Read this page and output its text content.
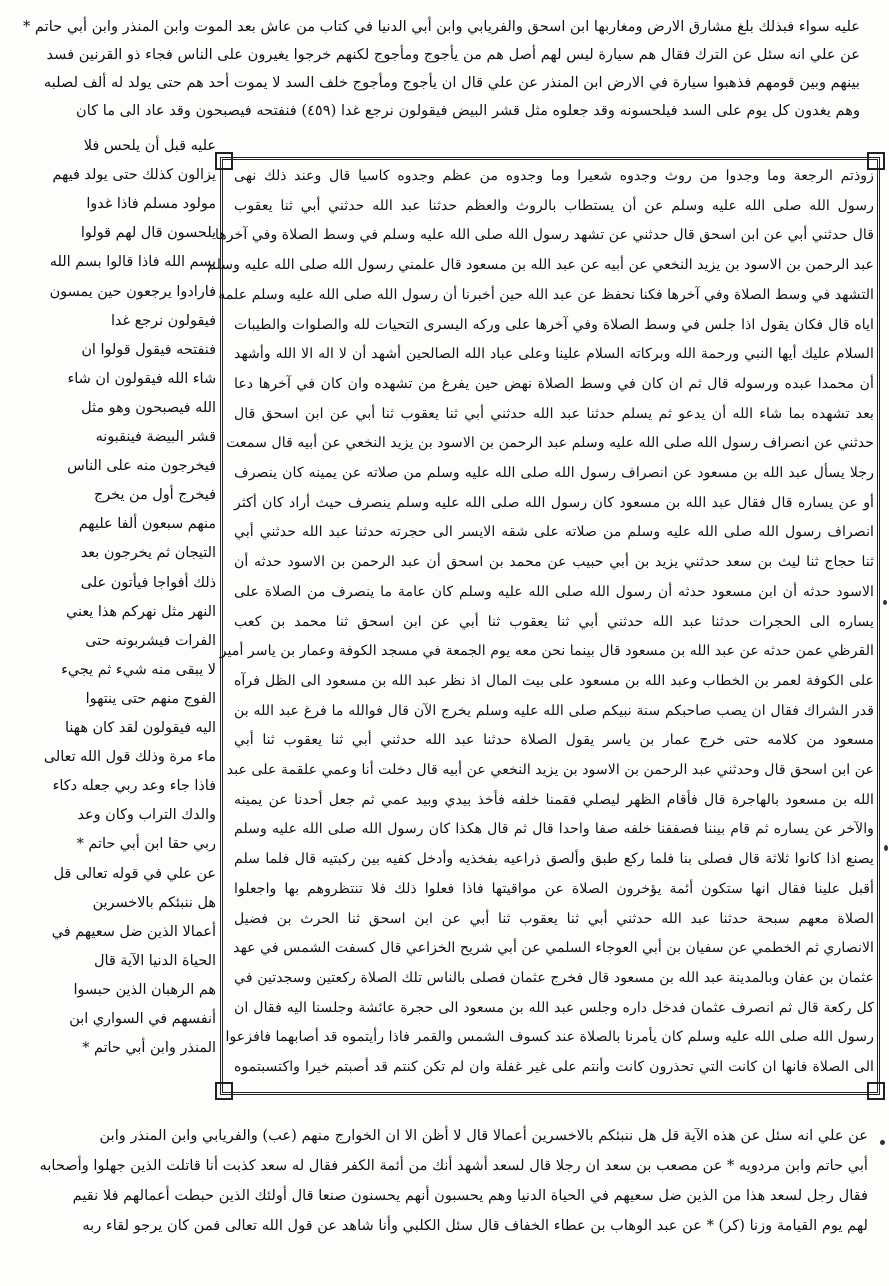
عليه سواء فبذلك بلغ مشارق الارض ومغاربها ابن اسحق والفريابي وابن أبي الدنيا في كتاب من عاش بعد الموت وابن المنذر وابن أبي حاتم *
عن علي انه سئل عن الترك فقال هم سيارة ليس لهم أصل هم من يأجوج ومأجوج لكنهم خرجوا يغيرون على الناس فجاء ذو القرنين فسد
بينهم وبين قومهم فذهبوا سيارة في الارض ابن المنذر عن علي قال ان يأجوج ومأجوج خلف السد لا يموت أحد هم حتى يولد له ألف لصلبه
وهم يغدون كل يوم على السد فيلحسونه وقد جعلوه مثل قشر البيض فيقولون نرجع غدا (٤٥٩) فنفتحه فيصبحون وقد عاد الى ما كان
عليه قبل أن يلحس فلا
يزالون كذلك حتى يولد فيهم
مولود مسلم فاذا غدوا
يلحسون قال لهم قولوا
بسم الله فاذا قالوا بسم الله
فارادوا يرجعون حين يمسون
فيقولون نرجع غدا
فنفتحه فيقول قولوا ان
شاء الله فيقولون ان شاء
الله فيصبحون وهو مثل
قشر البيضة فينقبونه
فيخرجون منه على الناس
فيخرج أول من يخرج
منهم سبعون ألفا عليهم
التيجان ثم يخرجون بعد
ذلك أفواجا فيأتون على
النهر مثل نهركم هذا يعني
الفرات فيشربونه حتى
لا يبقى منه شيء ثم يجيء
الفوج منهم حتى ينتهوا
اليه فيقولون لقد كان ههنا
ماء مرة وذلك قول الله تعالى
فاذا جاء وعد ربي جعله دكاء
والدك التراب وكان وعد
ربي حقا ابن أبي حاتم *
عن علي في قوله تعالى قل
هل ننبئكم بالاخسرين
أعمالا الذين ضل سعيهم في
الحياة الدنيا الآية قال
هم الرهبان الذين حبسوا
أنفسهم في السواري ابن
المنذر وابن أبي حاتم *
زوذتم الرجعة وما وجدوا من روث وجدوه شعيرا وما وجدوه من عظم وجدوه كاسيا قال وعند ذلك نهى
رسول الله صلى الله عليه وسلم عن أن يستطاب بالروث والعظم حدثنا عبد الله حدثني أبي ثنا يعقوب
قال حدثني أبي عن ابن اسحق قال حدثني عن تشهد رسول الله صلى الله عليه وسلم في وسط الصلاة وفي آخرها
عبد الرحمن بن الاسود بن يزيد النخعي عن أبيه عن عبد الله بن مسعود قال علمني رسول الله صلى الله عليه وسلم
التشهد في وسط الصلاة وفي آخرها فكنا نحفظ عن عبد الله حين أخبرنا أن رسول الله صلى الله عليه وسلم علمه
اياه قال فكان يقول اذا جلس في وسط الصلاة وفي آخرها على وركه اليسرى التحيات لله والصلوات والطيبات
السلام عليك أيها النبي ورحمة الله وبركاته السلام علينا وعلى عباد الله الصالحين أشهد أن لا اله الا الله وأشهد
أن محمدا عبده ورسوله قال ثم ان كان في وسط الصلاة نهض حين يفرغ من تشهده وان كان في آخرها دعا
بعد تشهده بما شاء الله أن يدعو ثم يسلم حدثنا عبد الله حدثني أبي ثنا يعقوب ثنا أبي عن ابن اسحق قال
حدثني عن انصراف رسول الله صلى الله عليه وسلم عبد الرحمن بن الاسود بن يزيد النخعي عن أبيه قال سمعت
رجلا يسأل عبد الله بن مسعود عن انصراف رسول الله صلى الله عليه وسلم من صلاته عن يمينه كان ينصرف
أو عن يساره قال فقال عبد الله بن مسعود كان رسول الله صلى الله عليه وسلم ينصرف حيث أراد كان أكثر
انصراف رسول الله صلى الله عليه وسلم من صلاته على شقه الايسر الى حجرته حدثنا عبد الله حدثني أبي
ثنا حجاج ثنا ليث بن سعد حدثني يزيد بن أبي حبيب عن محمد بن اسحق أن عبد الرحمن بن الاسود حدثه أن
الاسود حدثه أن ابن مسعود حدثه أن رسول الله صلى الله عليه وسلم كان عامة ما ينصرف من الصلاة على
يساره الى الحجرات حدثنا عبد الله حدثني أبي ثنا يعقوب ثنا أبي عن ابن اسحق ثنا محمد بن كعب
القرظي عمن حدثه عن عبد الله بن مسعود قال بينما نحن معه يوم الجمعة في مسجد الكوفة وعمار بن ياسر أمير
على الكوفة لعمر بن الخطاب وعبد الله بن مسعود على بيت المال اذ نظر عبد الله بن مسعود الى الظل فرآه
قدر الشراك فقال ان يصب صاحبكم سنة نبيكم صلى الله عليه وسلم يخرج الآن قال فوالله ما فرغ عبد الله بن
مسعود من كلامه حتى خرج عمار بن ياسر يقول الصلاة حدثنا عبد الله حدثني أبي ثنا يعقوب ثنا أبي
عن ابن اسحق قال وحدثني عبد الرحمن بن الاسود بن يزيد النخعي عن أبيه قال دخلت أنا وعمي علقمة على عبد
الله بن مسعود بالهاجرة قال فأقام الظهر ليصلي فقمنا خلفه فأخذ بيدي وبيد عمي ثم جعل أحدنا عن يمينه
والآخر عن يساره ثم قام بيننا فصففنا خلفه صفا واحدا قال ثم قال هكذا كان رسول الله صلى الله عليه وسلم
يصنع اذا كانوا ثلاثة قال فصلى بنا فلما ركع طبق وألصق ذراعيه بفخذيه وأدخل كفيه بين ركبتيه قال فلما سلم
أقبل علينا فقال انها ستكون أئمة يؤخرون الصلاة عن مواقيتها فاذا فعلوا ذلك فلا تنتظروهم بها واجعلوا
الصلاة معهم سبحة حدثنا عبد الله حدثني أبي ثنا يعقوب ثنا أبي عن ابن اسحق ثنا الحرث بن فضيل
الانصاري ثم الخطمي عن سفيان بن أبي العوجاء السلمي عن أبي شريح الخزاعي قال كسفت الشمس في عهد
عثمان بن عفان وبالمدينة عبد الله بن مسعود قال فخرج عثمان فصلى بالناس تلك الصلاة ركعتين وسجدتين في
كل ركعة قال ثم انصرف عثمان فدخل داره وجلس عبد الله بن مسعود الى حجرة عائشة وجلسنا اليه فقال ان
رسول الله صلى الله عليه وسلم كان يأمرنا بالصلاة عند كسوف الشمس والقمر فاذا رأيتموه قد أصابهما فافزعوا
الى الصلاة فانها ان كانت التي تحذرون كانت وأنتم على غير غفلة وان لم تكن كنتم قد أصبتم خيرا واكتسبتموه
عن علي انه سئل عن هذه الآية قل هل ننبئكم بالاخسرين أعمالا قال لا أظن الا ان الخوارج منهم (عب) والفريابي وابن المنذر وابن
أبي حاتم وابن مردويه * عن مصعب بن سعد ان رجلا قال لسعد أشهد أنك من أئمة الكفر فقال له سعد كذبت أنا قاتلت الذين جهلوا وأصحابه
فقال رجل لسعد هذا من الذين ضل سعيهم في الحياة الدنيا وهم يحسبون أنهم يحسنون صنعا قال أولئك الذين حبطت أعمالهم فلا نقيم
لهم يوم القيامة وزنا (كر) * عن عبد الوهاب بن عطاء الخفاف قال سئل الكلبي وأنا شاهد عن قول الله تعالى فمن كان يرجو لقاء ربه
